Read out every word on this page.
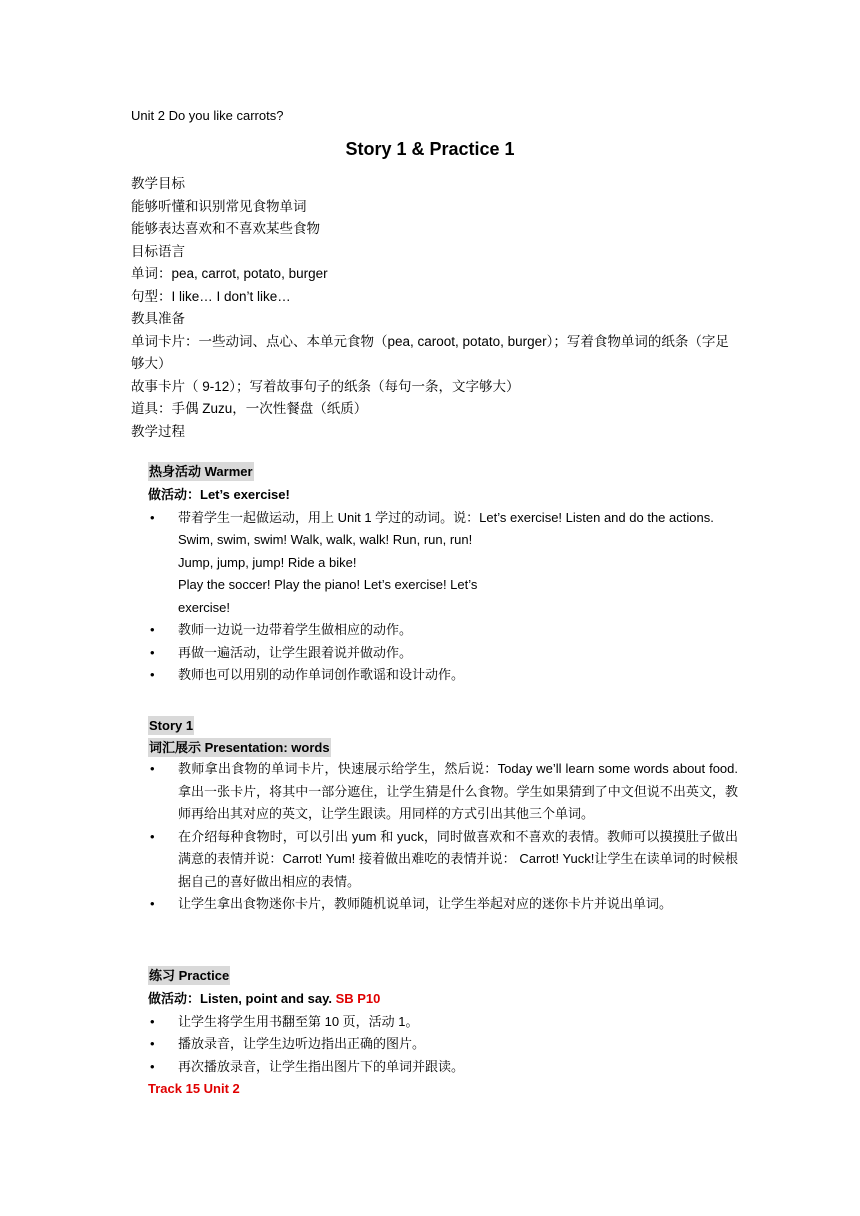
Unit 2 Do you like carrots?
Story 1 & Practice 1
教学目标
能够听懂和识别常见食物单词
能够表达喜欢和不喜欢某些食物
目标语言
单词：pea, carrot, potato, burger
句型：I like… I don’t like…
教具准备
单词卡片：一些动词、点心、本单元食物（pea, caroot, potato, burger）；写着食物单词的纸条（字足够大）
故事卡片（ 9-12）；写着故事句子的纸条（每句一条，文字够大）
道具：手偶 Zuzu，一次性餐盘（纸质）
教学过程
热身活动 Warmer
做活动：Let’s exercise!
• 带着学生一起做运动，用上 Unit 1 学过的动词。说：Let’s exercise! Listen and do the actions.
Swim, swim, swim! Walk, walk, walk! Run, run, run!
Jump, jump, jump! Ride a bike!
Play the soccer! Play the piano! Let’s exercise! Let’s
exercise!
• 教师一边说一边带着学生做相应的动作。
• 再做一遍活动，让学生跟着说并做动作。
• 教师也可以用别的动作单词创作歌谣和设计动作。
Story 1
词汇展示 Presentation: words
• 教师拿出食物的单词卡片，快速展示给学生，然后说：Today we’ll learn some words about food. 拿出一张卡片，将其中一部分遮住，让学生猜是什么食物。学生如果猜到了中文但说不出英文，教师再给出其对应的英文，让学生跟读。用同样的方式引出其他三个单词。
• 在介绍每种食物时，可以引出 yum 和 yuck，同时做喜欢和不喜欢的表情。教师可以摸摸肚子做出满意的表情并说：Carrot! Yum! 接着做出难吃的表情并说： Carrot! Yuck!让学生在读单词的时候根据自己的喜好做出相应的表情。
• 让学生拿出食物迷你卡片，教师随机说单词，让学生举起对应的迷你卡片并说出单词。
练习 Practice
做活动：Listen, point and say. SB P10
• 让学生将学生用书翻至第 10 页，活动 1。
• 播放录音，让学生边听边指出正确的图片。
• 再次播放录音，让学生指出图片下的单词并跟读。
Track 15 Unit 2
